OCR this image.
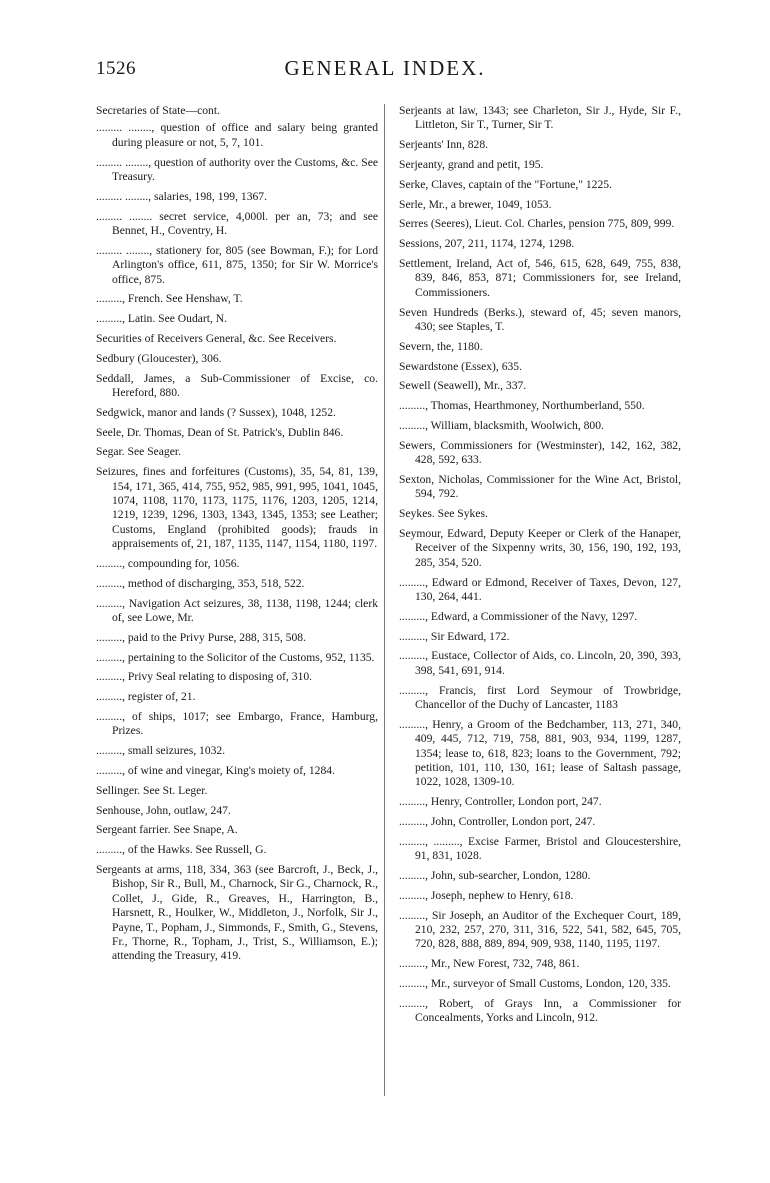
1526	GENERAL INDEX.

Secretaries of State—cont.

......... ........, question of office and salary being granted during pleasure or not, 5, 7, 101.

......... ........, question of authority over the Customs, &c. See Treasury.

......... ........, salaries, 198, 199, 1367.

......... ........ secret service, 4,000l. per an, 73; and see Bennet, H., Coventry, H.

......... ........, stationery for, 805 (see Bowman, F.); for Lord Arlington's office, 611, 875, 1350; for Sir W. Morrice's office, 875.

........., French. See Henshaw, T.

........., Latin. See Oudart, N.

Securities of Receivers General, &c. See Receivers.

Sedbury (Gloucester), 306.

Seddall, James, a Sub-Commissioner of Excise, co. Hereford, 880.

Sedgwick, manor and lands (? Sussex), 1048, 1252.

Seele, Dr. Thomas, Dean of St. Patrick's, Dublin 846.

Segar. See Seager.

Seizures, fines and forfeitures (Customs), 35, 54, 81, 139, 154, 171, 365, 414, 755, 952, 985, 991, 995, 1041, 1045, 1074, 1108, 1170, 1173, 1175, 1176, 1203, 1205, 1214, 1219, 1239, 1296, 1303, 1343, 1345, 1353; see Leather; Customs, England (prohibited goods); frauds in appraisements of, 21, 187, 1135, 1147, 1154, 1180, 1197.

........., compounding for, 1056.

........., method of discharging, 353, 518, 522.

........., Navigation Act seizures, 38, 1138, 1198, 1244; clerk of, see Lowe, Mr.

........., paid to the Privy Purse, 288, 315, 508.

........., pertaining to the Solicitor of the Customs, 952, 1135.

........., Privy Seal relating to disposing of, 310.

........., register of, 21.

........., of ships, 1017; see Embargo, France, Hamburg, Prizes.

........., small seizures, 1032.

........., of wine and vinegar, King's moiety of, 1284.

Sellinger. See St. Leger.

Senhouse, John, outlaw, 247.

Sergeant farrier. See Snape, A.

........., of the Hawks. See Russell, G.

Sergeants at arms, 118, 334, 363 (see Barcroft, J., Beck, J., Bishop, Sir R., Bull, M., Charnock, Sir G., Charnock, R., Collet, J., Gide, R., Greaves, H., Harrington, B., Harsnett, R., Houlker, W., Middleton, J., Norfolk, Sir J., Payne, T., Popham, J., Simmonds, F., Smith, G., Stevens, Fr., Thorne, R., Topham, J., Trist, S., Williamson, E.); attending the Treasury, 419.

Serjeants at law, 1343; see Charleton, Sir J., Hyde, Sir F., Littleton, Sir T., Turner, Sir T.

Serjeants' Inn, 828.

Serjeanty, grand and petit, 195.

Serke, Claves, captain of the "Fortune," 1225.

Serle, Mr., a brewer, 1049, 1053.

Serres (Seeres), Lieut. Col. Charles, pension 775, 809, 999.

Sessions, 207, 211, 1174, 1274, 1298.

Settlement, Ireland, Act of, 546, 615, 628, 649, 755, 838, 839, 846, 853, 871; Commissioners for, see Ireland, Commissioners.

Seven Hundreds (Berks.), steward of, 45; seven manors, 430; see Staples, T.

Severn, the, 1180.

Sewardstone (Essex), 635.

Sewell (Seawell), Mr., 337.

........., Thomas, Hearthmoney, Northumberland, 550.

........., William, blacksmith, Woolwich, 800.

Sewers, Commissioners for (Westminster), 142, 162, 382, 428, 592, 633.

Sexton, Nicholas, Commissioner for the Wine Act, Bristol, 594, 792.

Seykes. See Sykes.

Seymour, Edward, Deputy Keeper or Clerk of the Hanaper, Receiver of the Sixpenny writs, 30, 156, 190, 192, 193, 285, 354, 520.

........., Edward or Edmond, Receiver of Taxes, Devon, 127, 130, 264, 441.

........., Edward, a Commissioner of the Navy, 1297.

........., Sir Edward, 172.

........., Eustace, Collector of Aids, co. Lincoln, 20, 390, 393, 398, 541, 691, 914.

........., Francis, first Lord Seymour of Trowbridge, Chancellor of the Duchy of Lancaster, 1183

........., Henry, a Groom of the Bedchamber, 113, 271, 340, 409, 445, 712, 719, 758, 881, 903, 934, 1199, 1287, 1354; lease to, 618, 823; loans to the Government, 792; petition, 101, 110, 130, 161; lease of Saltash passage, 1022, 1028, 1309-10.

........., Henry, Controller, London port, 247.

........., John, Controller, London port, 247.

........., ........., Excise Farmer, Bristol and Gloucestershire, 91, 831, 1028.

........., John, sub-searcher, London, 1280.

........., Joseph, nephew to Henry, 618.

........., Sir Joseph, an Auditor of the Exchequer Court, 189, 210, 232, 257, 270, 311, 316, 522, 541, 582, 645, 705, 720, 828, 888, 889, 894, 909, 938, 1140, 1195, 1197.

........., Mr., New Forest, 732, 748, 861.

........., Mr., surveyor of Small Customs, London, 120, 335.

........., Robert, of Grays Inn, a Commissioner for Concealments, Yorks and Lincoln, 912.
